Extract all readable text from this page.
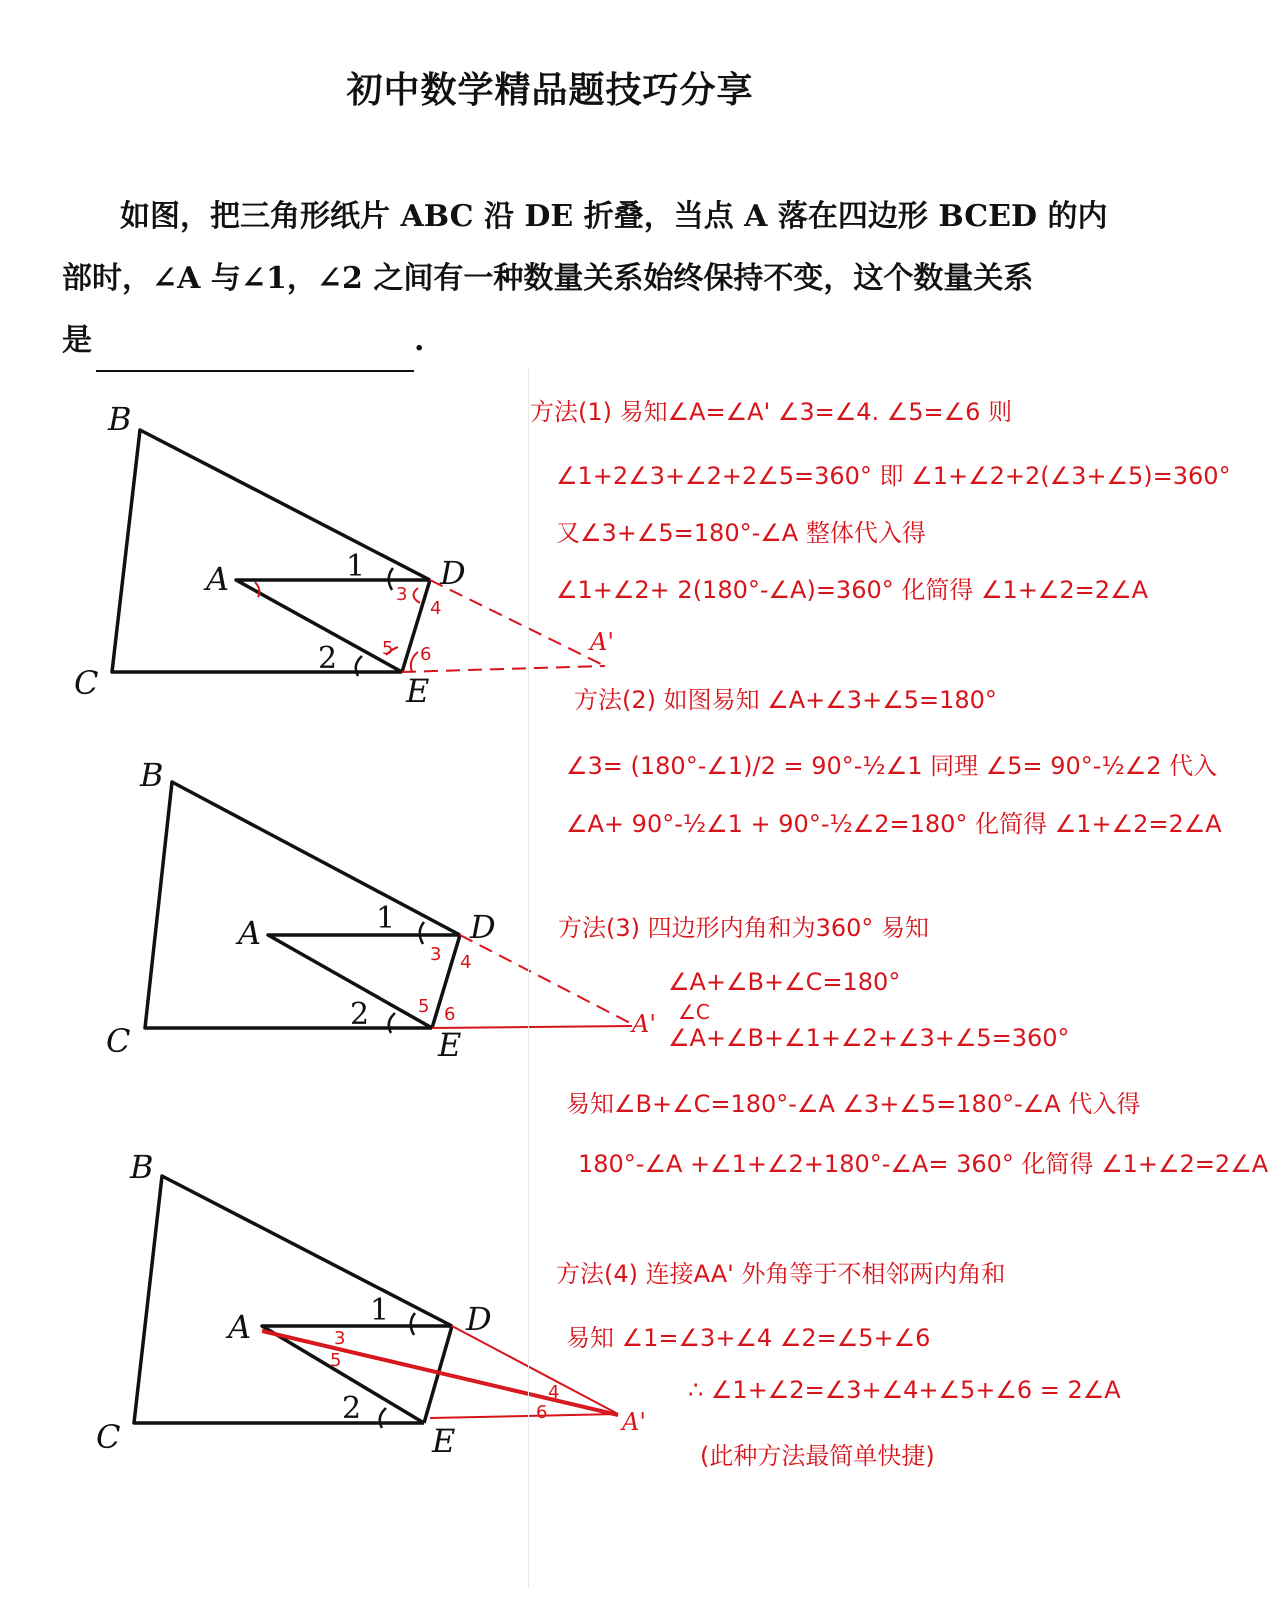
初中数学精品题技巧分享
如图，把三角形纸片 ABC 沿 DE 折叠，当点 A 落在四边形 BCED 的内
部时，∠A 与∠1，∠2 之间有一种数量关系始终保持不变，这个数量关系
是	.
B
C
A	D
E
1
2
3
4
5 6	A'
B
C
A	D
E
1
2
3 4
5 6	A'
B
C
A	D
E
1
2
3
5
4
6	A'
方法(1) 易知∠A=∠A' ∠3=∠4. ∠5=∠6 则
∠1+2∠3+∠2+2∠5=360° 即 ∠1+∠2+2(∠3+∠5)=360°
又∠3+∠5=180°-∠A 整体代入得
∠1+∠2+ 2(180°-∠A)=360° 化简得 ∠1+∠2=2∠A
方法(2) 如图易知 ∠A+∠3+∠5=180°
∠3= (180°-∠1)/2 = 90°-½∠1 同理 ∠5= 90°-½∠2 代入
∠A+ 90°-½∠1 + 90°-½∠2=180° 化简得 ∠1+∠2=2∠A
方法(3) 四边形内角和为360° 易知
∠A+∠B+∠C=180°
∠C
∠A+∠B+∠1+∠2+∠3+∠5=360°
易知∠B+∠C=180°-∠A ∠3+∠5=180°-∠A 代入得
180°-∠A +∠1+∠2+180°-∠A= 360° 化简得 ∠1+∠2=2∠A
方法(4) 连接AA' 外角等于不相邻两内角和
易知 ∠1=∠3+∠4 ∠2=∠5+∠6
∴ ∠1+∠2=∠3+∠4+∠5+∠6 = 2∠A
(此种方法最简单快捷)
